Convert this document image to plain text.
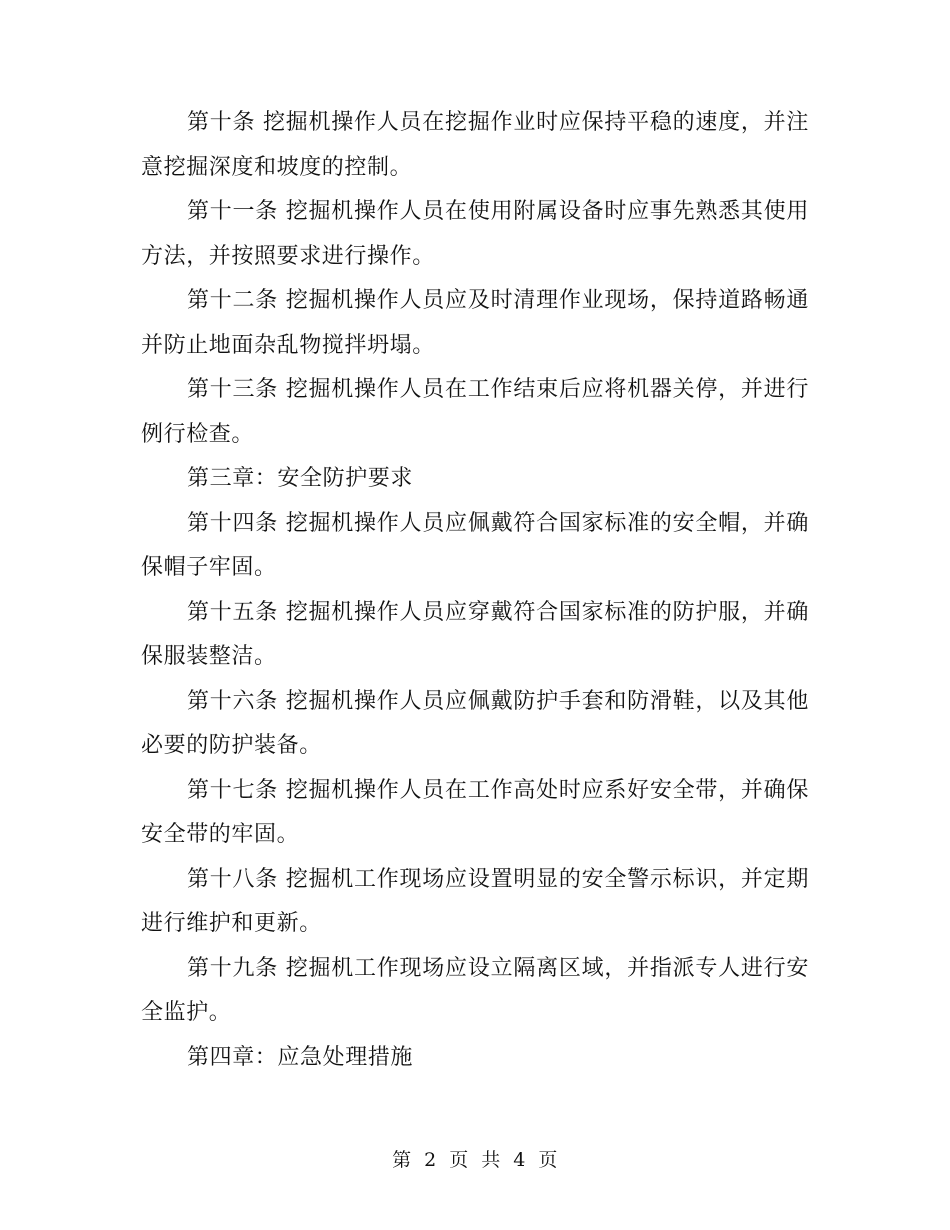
第十条 挖掘机操作人员在挖掘作业时应保持平稳的速度，并注意挖掘深度和坡度的控制。

第十一条 挖掘机操作人员在使用附属设备时应事先熟悉其使用方法，并按照要求进行操作。

第十二条 挖掘机操作人员应及时清理作业现场，保持道路畅通并防止地面杂乱物搅拌坍塌。

第十三条 挖掘机操作人员在工作结束后应将机器关停，并进行例行检查。

第三章：安全防护要求

第十四条 挖掘机操作人员应佩戴符合国家标准的安全帽，并确保帽子牢固。

第十五条 挖掘机操作人员应穿戴符合国家标准的防护服，并确保服装整洁。

第十六条 挖掘机操作人员应佩戴防护手套和防滑鞋，以及其他必要的防护装备。

第十七条 挖掘机操作人员在工作高处时应系好安全带，并确保安全带的牢固。

第十八条 挖掘机工作现场应设置明显的安全警示标识，并定期进行维护和更新。

第十九条 挖掘机工作现场应设立隔离区域，并指派专人进行安全监护。

第四章：应急处理措施

第 2 页 共 4 页
